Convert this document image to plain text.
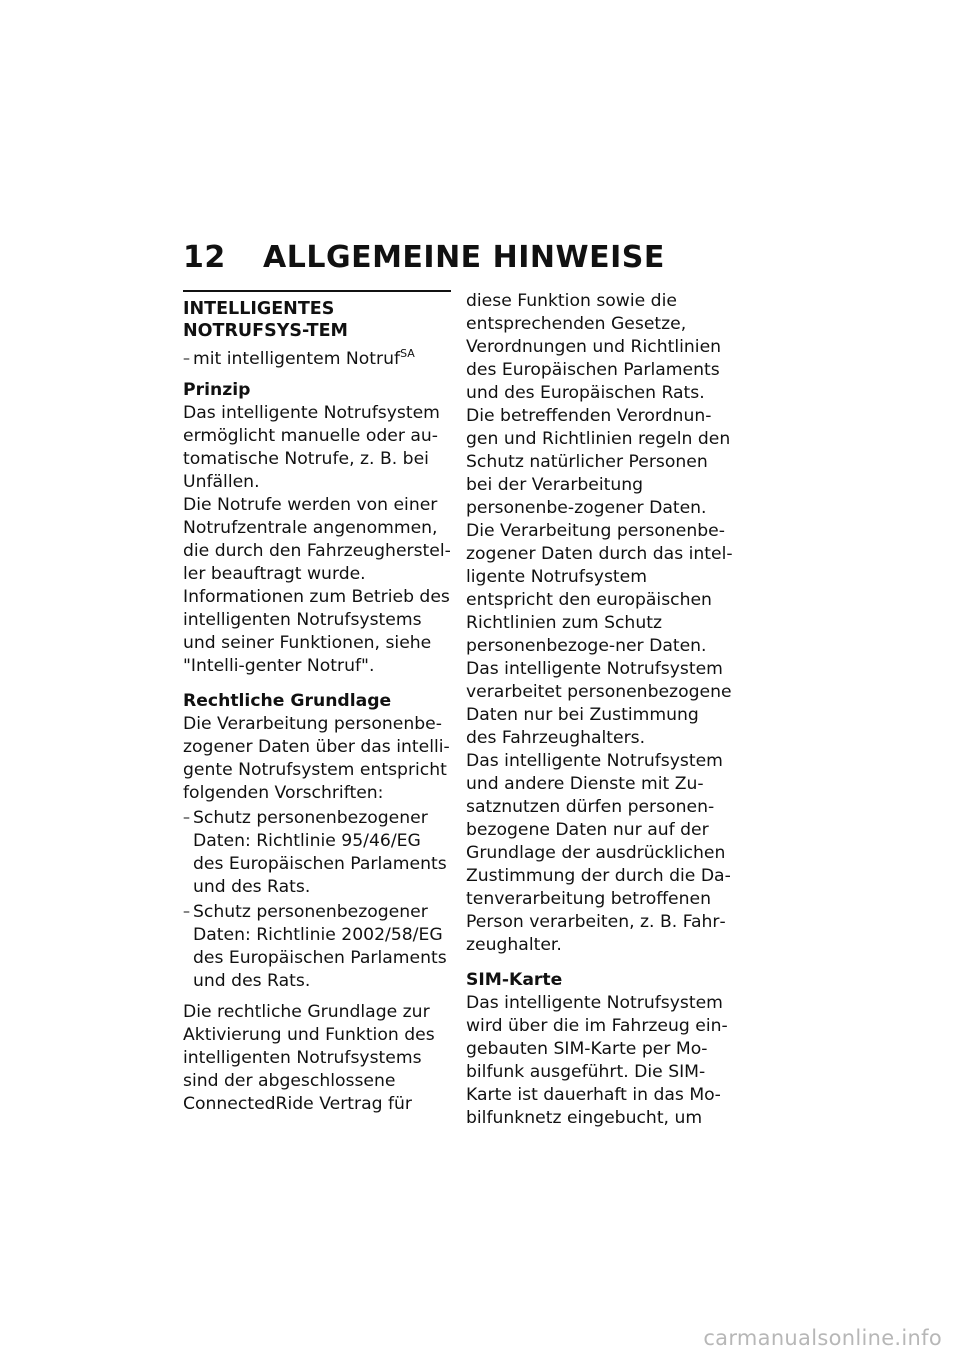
12 ALLGEMEINE HINWEISE
INTELLIGENTES NOTRUFSYS‐TEM
– mit intelligentem Notruf$^{SA}$
Prinzip

Das intelligente Notrufsystem ermöglicht manuelle oder au‐tomatische Notrufe, z. B. bei Unfällen.

Die Notrufe werden von einer Notrufzentrale angenommen, die durch den Fahrzeugherstel‐ler beauftragt wurde.

Informationen zum Betrieb des intelligenten Notrufsystems und seiner Funktionen, siehe "Intelli‐genter Notruf".

Rechtliche Grundlage

Die Verarbeitung personenbe‐zogener Daten über das intelli‐gente Notrufsystem entspricht folgenden Vorschriften:

– Schutz personenbezogener Daten: Richtlinie 95/46/EG des Europäischen Parlaments und des Rats.
– Schutz personenbezogener Daten: Richtlinie 2002/58/EG des Europäischen Parlaments und des Rats.

Die rechtliche Grundlage zur Aktivierung und Funktion des intelligenten Notrufsystems sind der abgeschlossene ConnectedRide Vertrag für

diese Funktion sowie die entsprechenden Gesetze, Verordnungen und Richtlinien des Europäischen Parlaments und des Europäischen Rats.

Die betreffenden Verordnun‐gen und Richtlinien regeln den Schutz natürlicher Personen bei der Verarbeitung personenbe‐zogener Daten.

Die Verarbeitung personenbe‐zogener Daten durch das intel‐ligente Notrufsystem entspricht den europäischen Richtlinien zum Schutz personenbezoge‐ner Daten.

Das intelligente Notrufsystem verarbeitet personenbezogene Daten nur bei Zustimmung des Fahrzeughalters.

Das intelligente Notrufsystem und andere Dienste mit Zu‐satznutzen dürfen personen‐bezogene Daten nur auf der Grundlage der ausdrücklichen Zustimmung der durch die Da‐tenverarbeitung betroffenen Person verarbeiten, z. B. Fahr‐zeughalter.

SIM-Karte

Das intelligente Notrufsystem wird über die im Fahrzeug ein‐gebauten SIM-Karte per Mo‐bilfunk ausgeführt. Die SIM-Karte ist dauerhaft in das Mo‐bilfunknetz eingebucht, um

carmanualsonline.info
